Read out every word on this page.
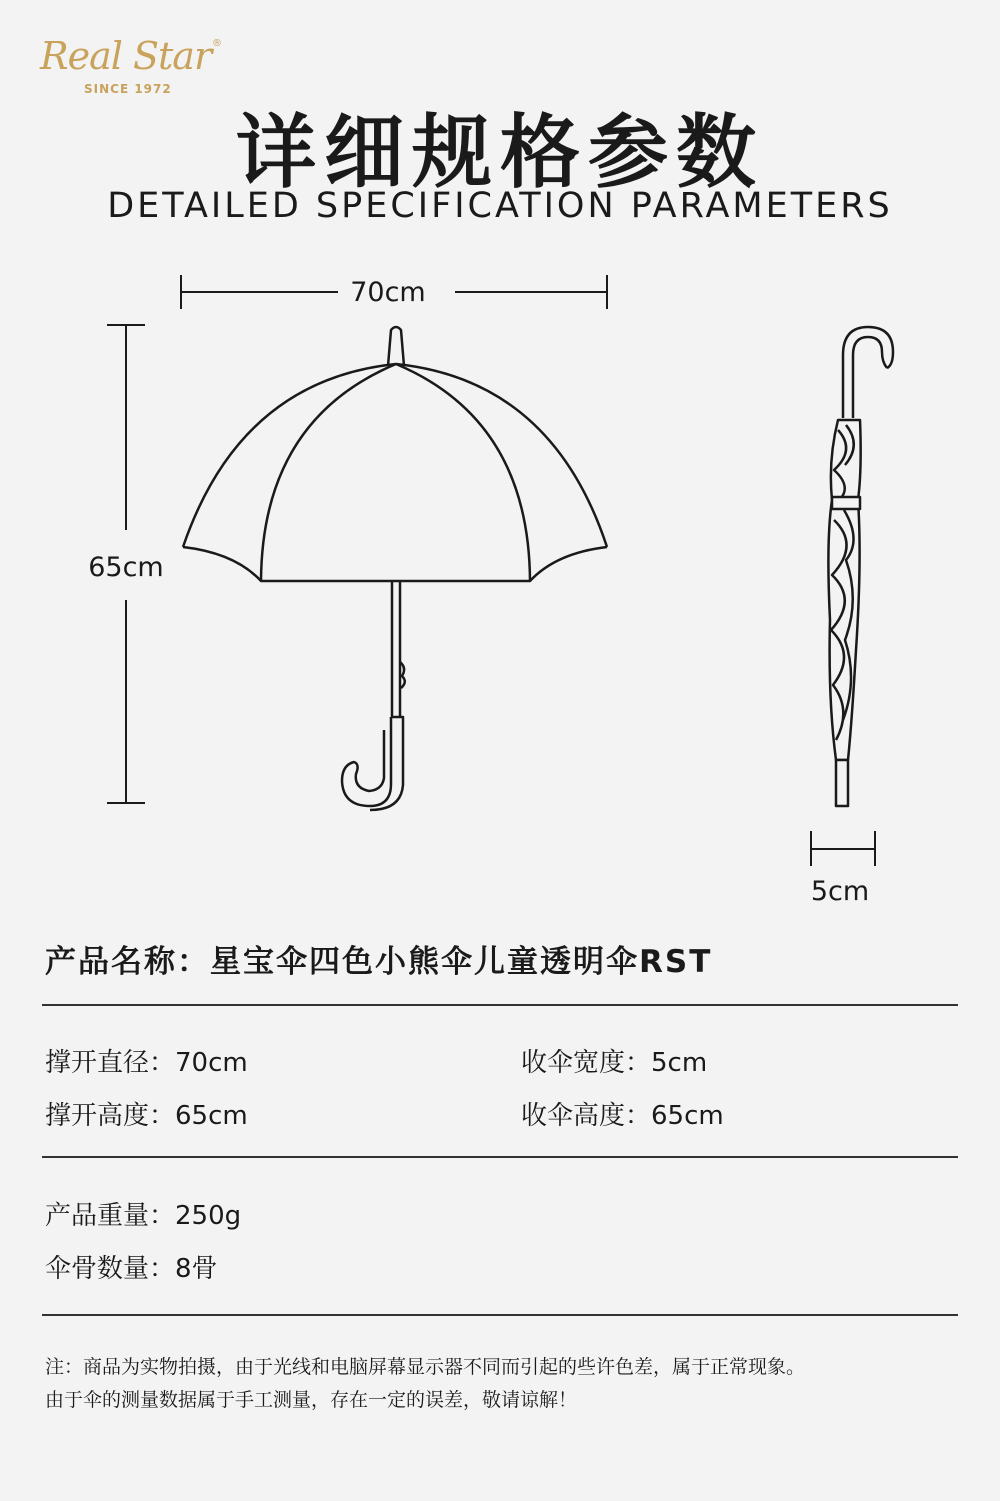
Real Star ®
SINCE 1972
详细规格参数
DETAILED SPECIFICATION PARAMETERS
70cm
65cm
5cm
产品名称：星宝伞四色小熊伞儿童透明伞RST
撑开直径：70cm	收伞宽度：5cm
撑开高度：65cm	收伞高度：65cm
产品重量：250g
伞骨数量：8骨
注：商品为实物拍摄，由于光线和电脑屏幕显示器不同而引起的些许色差，属于正常现象。
由于伞的测量数据属于手工测量，存在一定的误差，敬请谅解！
